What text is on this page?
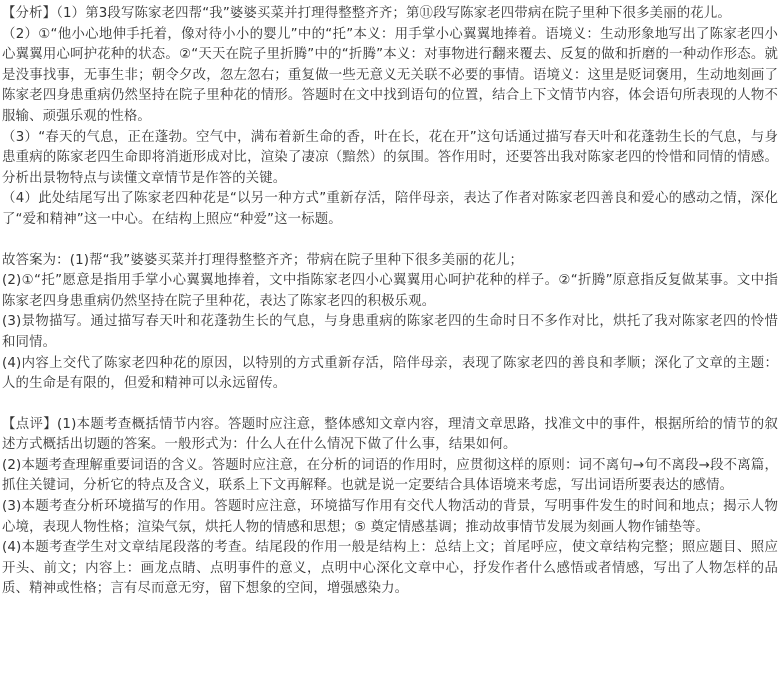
【分析】（1）第3段写陈家老四帮“我”婆婆买菜并打理得整整齐齐；第⑪段写陈家老四带病在院子里种下很多美丽的花儿。

（2）①“他小心地伸手托着，像对待小小的婴儿”中的“托”本义：用手掌小心翼翼地捧着。语境义：生动形象地写出了陈家老四小心翼翼用心呵护花种的状态。②“天天在院子里折腾”中的“折腾”本义：对事物进行翻来覆去、反复的做和折磨的一种动作形态。就是没事找事，无事生非；朝令夕改，忽左忽右；重复做一些无意义无关联不必要的事情。语境义：这里是贬词褒用，生动地刻画了陈家老四身患重病仍然坚持在院子里种花的情形。答题时在文中找到语句的位置，结合上下文情节内容，体会语句所表现的人物不服输、顽强乐观的性格。

（3）“春天的气息，正在蓬勃。空气中，满布着新生命的香，叶在长，花在开”这句话通过描写春天叶和花蓬勃生长的气息，与身患重病的陈家老四生命即将消逝形成对比，渲染了凄凉（黯然）的氛围。答作用时，还要答出我对陈家老四的怜惜和同情的情感。分析出景物特点与读懂文章情节是作答的关键。

（4）此处结尾写出了陈家老四种花是“以另一种方式”重新存活，陪伴母亲，表达了作者对陈家老四善良和爱心的感动之情，深化了“爱和精神”这一中心。在结构上照应“种爱”这一标题。

故答案为：(1)帮“我”婆婆买菜并打理得整整齐齐；带病在院子里种下很多美丽的花儿；

(2)①“托”愿意是指用手掌小心翼翼地捧着，文中指陈家老四小心翼翼用心呵护花种的样子。②“折腾”原意指反复做某事。文中指陈家老四身患重病仍然坚持在院子里种花，表达了陈家老四的积极乐观。

(3)景物描写。通过描写春天叶和花蓬勃生长的气息，与身患重病的陈家老四的生命时日不多作对比，烘托了我对陈家老四的怜惜和同情。

(4)内容上交代了陈家老四种花的原因，以特别的方式重新存活，陪伴母亲，表现了陈家老四的善良和孝顺；深化了文章的主题：人的生命是有限的，但爱和精神可以永远留传。

【点评】(1)本题考查概括情节内容。答题时应注意，整体感知文章内容，理清文章思路，找准文中的事件，根据所给的情节的叙述方式概括出切题的答案。一般形式为：什么人在什么情况下做了什么事，结果如何。

(2)本题考查理解重要词语的含义。答题时应注意，在分析的词语的作用时，应贯彻这样的原则：词不离句→句不离段→段不离篇，抓住关键词，分析它的特点及含义，联系上下文再解释。也就是说一定要结合具体语境来考虑，写出词语所要表达的感情。

(3)本题考查分析环境描写的作用。答题时应注意，环境描写作用有交代人物活动的背景，写明事件发生的时间和地点；揭示人物心境，表现人物性格；渲染气氛，烘托人物的情感和思想；⑤ 奠定情感基调；推动故事情节发展为刻画人物作铺垫等。

(4)本题考查学生对文章结尾段落的考查。结尾段的作用一般是结构上：总结上文；首尾呼应，使文章结构完整；照应题目、照应开头、前文；内容上：画龙点睛、点明事件的意义，点明中心深化文章中心，抒发作者什么感悟或者情感，写出了人物怎样的品质、精神或性格；言有尽而意无穷，留下想象的空间，增强感染力。
